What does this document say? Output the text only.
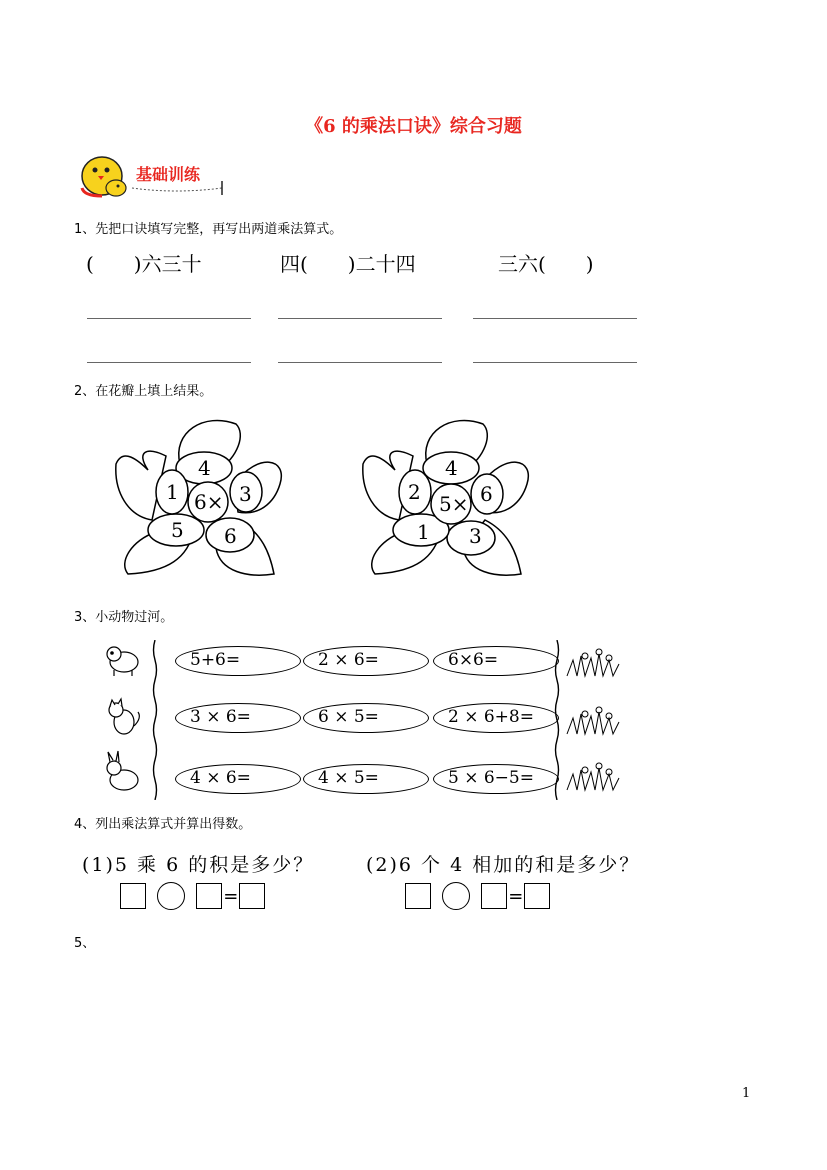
《6 的乘法口诀》综合习题
基础训练
1、先把口诀填写完整，再写出两道乘法算式。
(　　)六三十	四(　　)二十四	三六(　　)
2、在花瓣上填上结果。
6×
4
3
6
5
1	5×
4
6
3
1
2
3、小动物过河。
5+6=	2 × 6=	6×6=
3 × 6=	6 × 5=	2 × 6+8=
4 × 6=	4 × 5=	5 × 6−5=
4、列出乘法算式并算出得数。
(1)5 乘 6 的积是多少？	(2)6 个 4 相加的和是多少？
=	=
5、
1
